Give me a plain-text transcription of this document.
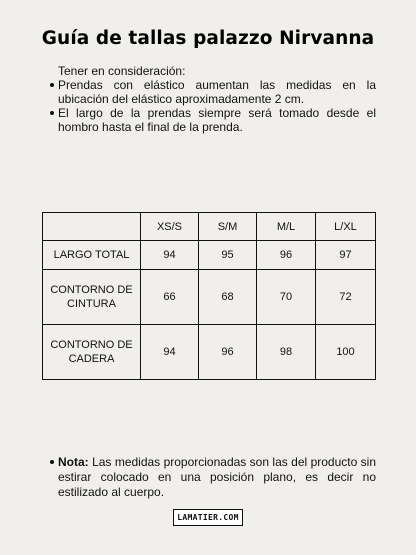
Guía de tallas palazzo Nirvanna
Tener en consideración:
Prendas con elástico aumentan las medidas en la ubicación del elástico aproximadamente 2 cm.
El largo de la prendas siempre será tomado desde el hombro hasta el final de la prenda.
	XS/S	S/M	M/L	L/XL
LARGO TOTAL	94	95	96	97
CONTORNO DE CINTURA	66	68	70	72
CONTORNO DE CADERA	94	96	98	100
Nota: Las medidas proporcionadas son las del producto sin estirar colocado en una posición plano, es decir no estilizado al cuerpo.
LAMATIER.COM
